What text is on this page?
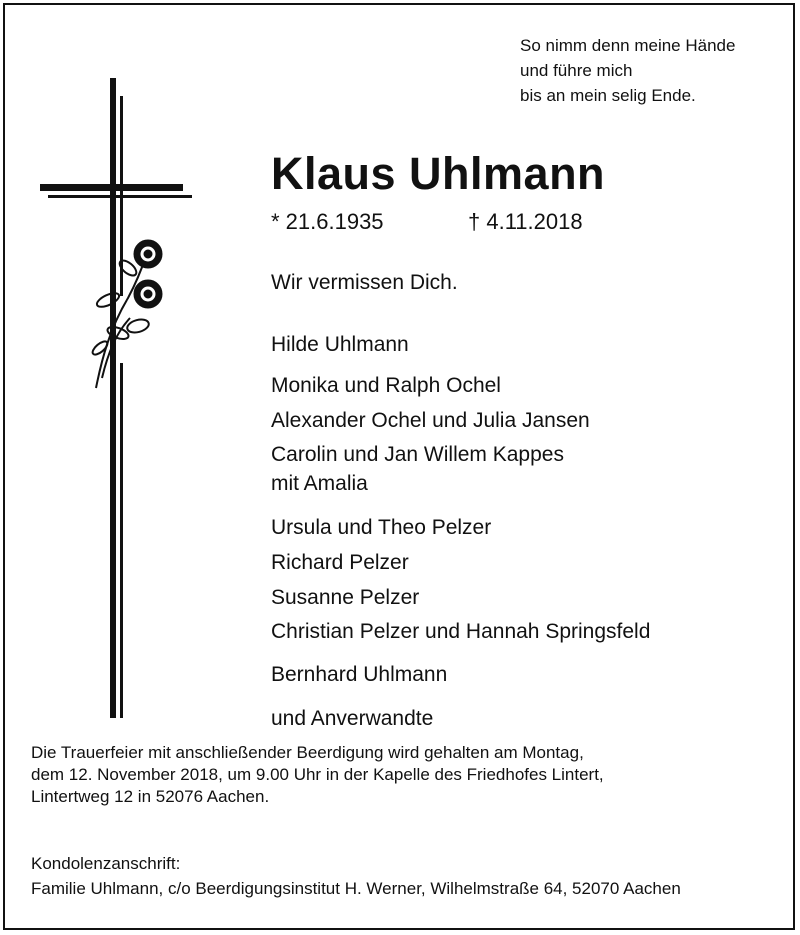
So nimm denn meine Hände
und führe mich
bis an mein selig Ende.
Klaus Uhlmann
* 21.6.1935	† 4.11.2018
Wir vermissen Dich.
Hilde Uhlmann
Monika und Ralph Ochel
Alexander Ochel und Julia Jansen
Carolin und Jan Willem Kappes
mit Amalia
Ursula und Theo Pelzer
Richard Pelzer
Susanne Pelzer
Christian Pelzer und Hannah Springsfeld
Bernhard Uhlmann
und Anverwandte
Die Trauerfeier mit anschließender Beerdigung wird gehalten am Montag,
dem 12. November 2018, um 9.00 Uhr in der Kapelle des Friedhofes Lintert,
Lintertweg 12 in 52076 Aachen.
Kondolenzanschrift:
Familie Uhlmann, c/o Beerdigungsinstitut H. Werner, Wilhelmstraße 64, 52070 Aachen
